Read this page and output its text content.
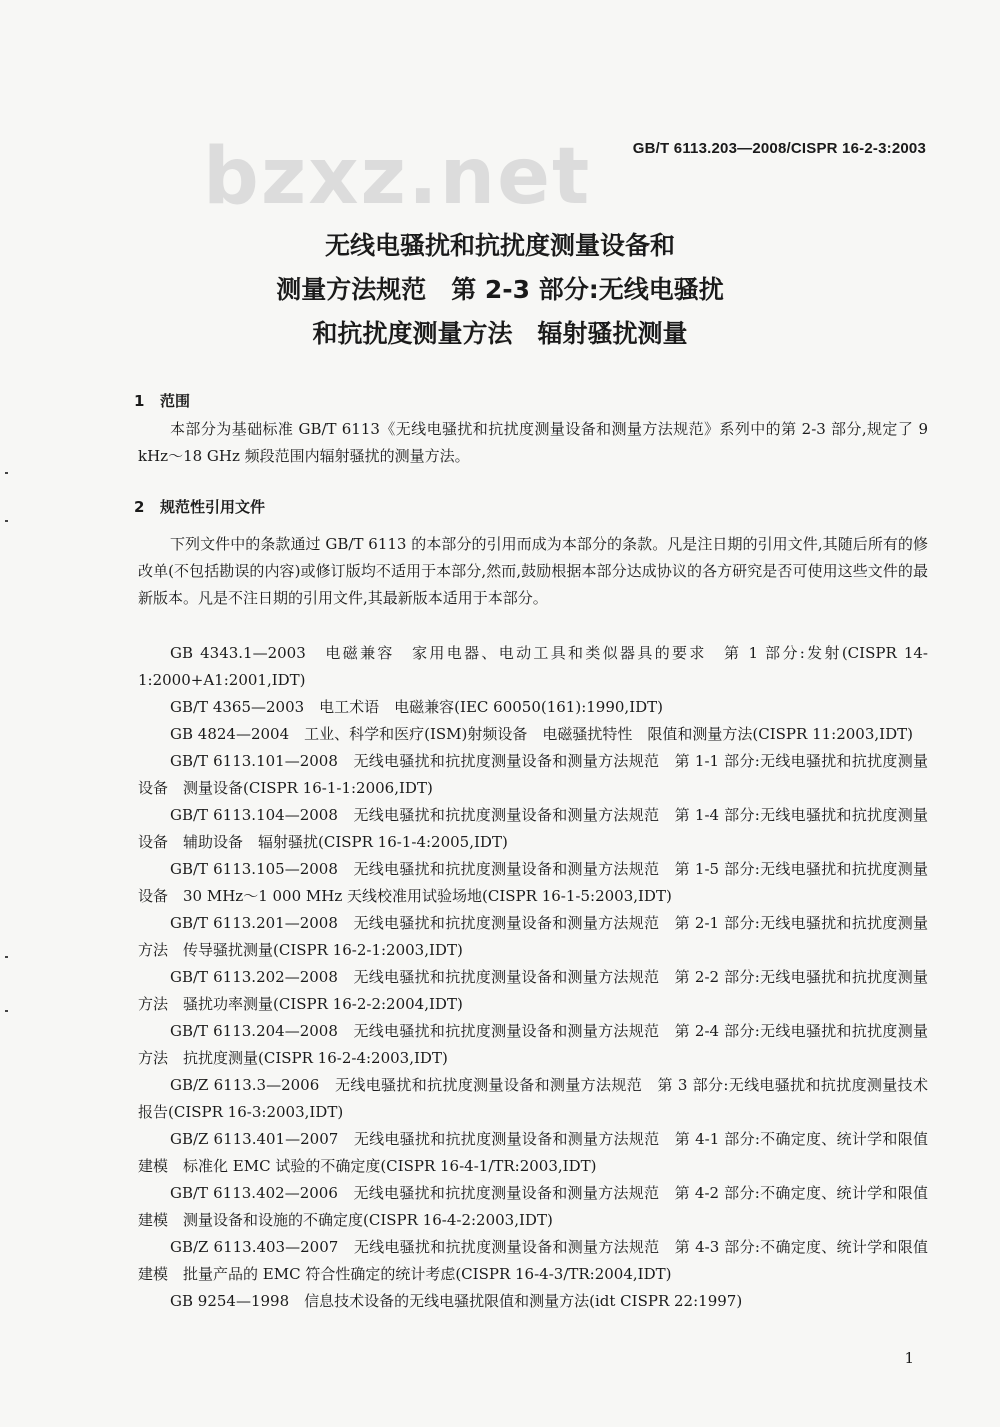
bzxz.net	GB/T 6113.203—2008/CISPR 16-2-3:2003
无线电骚扰和抗扰度测量设备和
测量方法规范　第 2-3 部分:无线电骚扰
和抗扰度测量方法　辐射骚扰测量
1 范围

本部分为基础标准 GB/T 6113《无线电骚扰和抗扰度测量设备和测量方法规范》系列中的第 2-3 部分,规定了 9 kHz～18 GHz 频段范围内辐射骚扰的测量方法。

2 规范性引用文件

下列文件中的条款通过 GB/T 6113 的本部分的引用而成为本部分的条款。凡是注日期的引用文件,其随后所有的修改单(不包括勘误的内容)或修订版均不适用于本部分,然而,鼓励根据本部分达成协议的各方研究是否可使用这些文件的最新版本。凡是不注日期的引用文件,其最新版本适用于本部分。

GB 4343.1—2003　电磁兼容　家用电器、电动工具和类似器具的要求　第 1 部分:发射(CISPR 14-1:2000+A1:2001,IDT)

GB/T 4365—2003　电工术语　电磁兼容(IEC 60050(161):1990,IDT)

GB 4824—2004　工业、科学和医疗(ISM)射频设备　电磁骚扰特性　限值和测量方法(CISPR 11:2003,IDT)

GB/T 6113.101—2008　无线电骚扰和抗扰度测量设备和测量方法规范　第 1-1 部分:无线电骚扰和抗扰度测量设备　测量设备(CISPR 16-1-1:2006,IDT)

GB/T 6113.104—2008　无线电骚扰和抗扰度测量设备和测量方法规范　第 1-4 部分:无线电骚扰和抗扰度测量设备　辅助设备　辐射骚扰(CISPR 16-1-4:2005,IDT)

GB/T 6113.105—2008　无线电骚扰和抗扰度测量设备和测量方法规范　第 1-5 部分:无线电骚扰和抗扰度测量设备　30 MHz～1 000 MHz 天线校准用试验场地(CISPR 16-1-5:2003,IDT)

GB/T 6113.201—2008　无线电骚扰和抗扰度测量设备和测量方法规范　第 2-1 部分:无线电骚扰和抗扰度测量方法　传导骚扰测量(CISPR 16-2-1:2003,IDT)

GB/T 6113.202—2008　无线电骚扰和抗扰度测量设备和测量方法规范　第 2-2 部分:无线电骚扰和抗扰度测量方法　骚扰功率测量(CISPR 16-2-2:2004,IDT)

GB/T 6113.204—2008　无线电骚扰和抗扰度测量设备和测量方法规范　第 2-4 部分:无线电骚扰和抗扰度测量方法　抗扰度测量(CISPR 16-2-4:2003,IDT)

GB/Z 6113.3—2006　无线电骚扰和抗扰度测量设备和测量方法规范　第 3 部分:无线电骚扰和抗扰度测量技术报告(CISPR 16-3:2003,IDT)

GB/Z 6113.401—2007　无线电骚扰和抗扰度测量设备和测量方法规范　第 4-1 部分:不确定度、统计学和限值建模　标准化 EMC 试验的不确定度(CISPR 16-4-1/TR:2003,IDT)

GB/T 6113.402—2006　无线电骚扰和抗扰度测量设备和测量方法规范　第 4-2 部分:不确定度、统计学和限值建模　测量设备和设施的不确定度(CISPR 16-4-2:2003,IDT)

GB/Z 6113.403—2007　无线电骚扰和抗扰度测量设备和测量方法规范　第 4-3 部分:不确定度、统计学和限值建模　批量产品的 EMC 符合性确定的统计考虑(CISPR 16-4-3/TR:2004,IDT)

GB 9254—1998　信息技术设备的无线电骚扰限值和测量方法(idt CISPR 22:1997)

1
